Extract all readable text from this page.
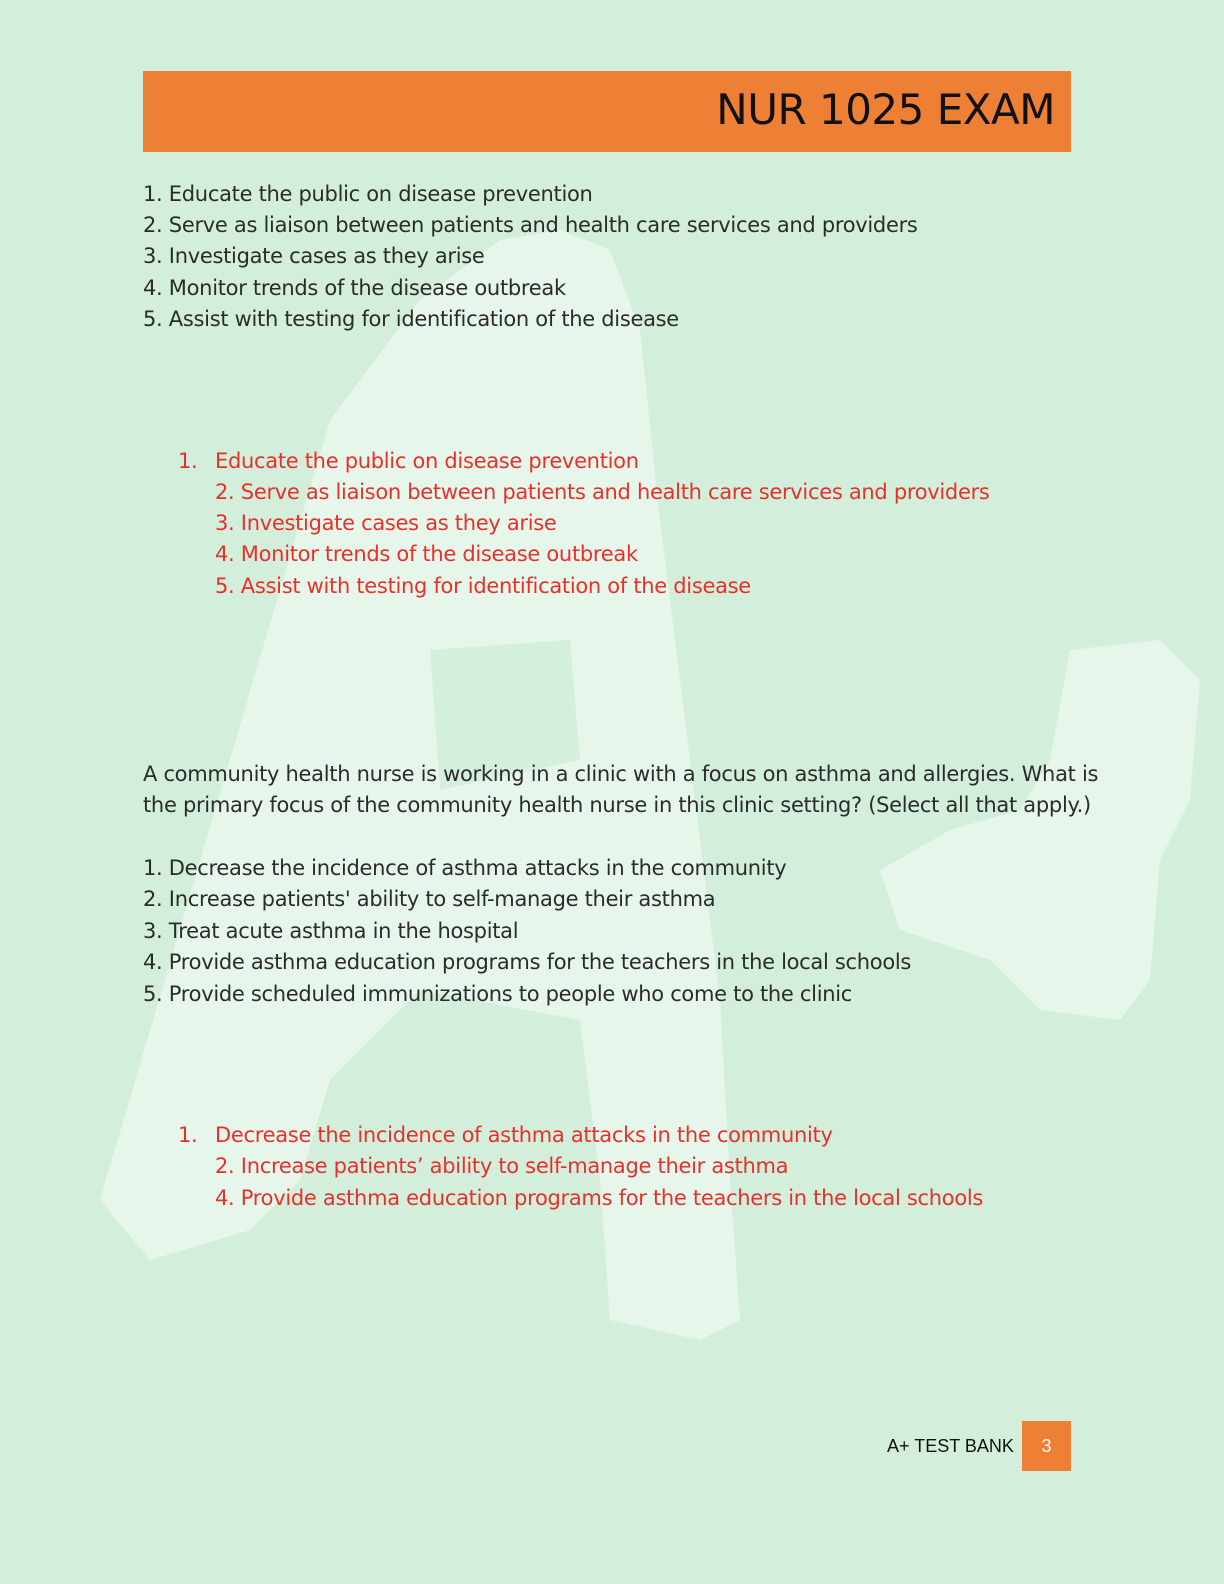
NUR 1025 EXAM
1. Educate the public on disease prevention
2. Serve as liaison between patients and health care services and providers
3. Investigate cases as they arise
4. Monitor trends of the disease outbreak
5. Assist with testing for identification of the disease
1. Educate the public on disease prevention
2. Serve as liaison between patients and health care services and providers
3. Investigate cases as they arise
4. Monitor trends of the disease outbreak
5. Assist with testing for identification of the disease
A community health nurse is working in a clinic with a focus on asthma and allergies. What is
the primary focus of the community health nurse in this clinic setting? (Select all that apply.)
1. Decrease the incidence of asthma attacks in the community
2. Increase patients' ability to self-manage their asthma
3. Treat acute asthma in the hospital
4. Provide asthma education programs for the teachers in the local schools
5. Provide scheduled immunizations to people who come to the clinic
1. Decrease the incidence of asthma attacks in the community
2. Increase patients’ ability to self-manage their asthma
4. Provide asthma education programs for the teachers in the local schools
A+ TEST BANK	3
